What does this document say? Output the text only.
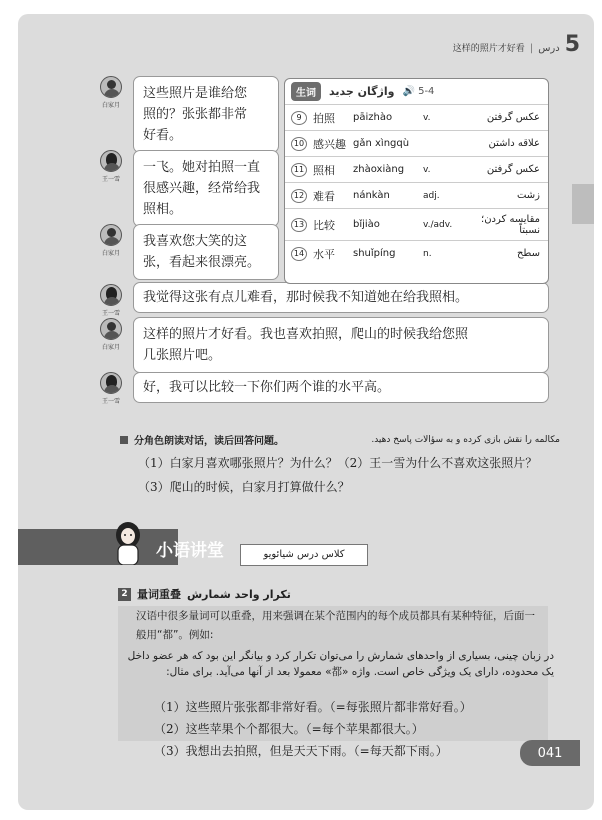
这样的照片才好看 | درس 5
白家月
这些照片是谁给您
照的？张张都非常
好看。
王一雪
一飞。她对拍照一直
很感兴趣，经常给我
照相。
白家月
我喜欢您大笑的这
张，看起来很漂亮。
王一雪
我觉得这张有点儿难看，那时候我不知道她在给我照相。
白家月
这样的照片才好看。我也喜欢拍照，爬山的时候我给您照
几张照片吧。
王一雪
好，我可以比较一下你们两个谁的水平高。
生词	واژگان جدید 🔊 5-4
9	拍照	pāizhào	v.	عکس گرفتن
10 感兴趣 gǎn xìngqù	علاقه داشتن
11 照相	zhàoxiàng	v.	عکس گرفتن
12 难看	nánkàn	adj.	زشت
13 比较	bǐjiào	v./adv.	مقایسه کردن؛ نسبتاً
14 水平	shuǐpíng	n.	سطح
分角色朗读对话，读后回答问题。	مکالمه را نقش بازی کرده و به سؤالات پاسخ دهید.
（1）白家月喜欢哪张照片？为什么？（2）王一雪为什么不喜欢这张照片？
（3）爬山的时候，白家月打算做什么？
小语讲堂	کلاس درس شیائویو
2 量词重叠 تکرار واحد شمارش
汉语中很多量词可以重叠，用来强调在某个范围内的每个成员都具有某种特征，后面一般用“都”。例如:
در زبان چینی، بسیاری از واحدهای شمارش را می‌توان تکرار کرد و بیانگر این بود که هر عضو داخل یک محدوده، دارای یک ویژگی خاص است. واژه «都» معمولا بعد از آنها می‌آید. برای مثال:
（1）这些照片张张都非常好看。（=每张照片都非常好看。）
（2）这些苹果个个都很大。（=每个苹果都很大。）
（3）我想出去拍照，但是天天下雨。（=每天都下雨。）	041
